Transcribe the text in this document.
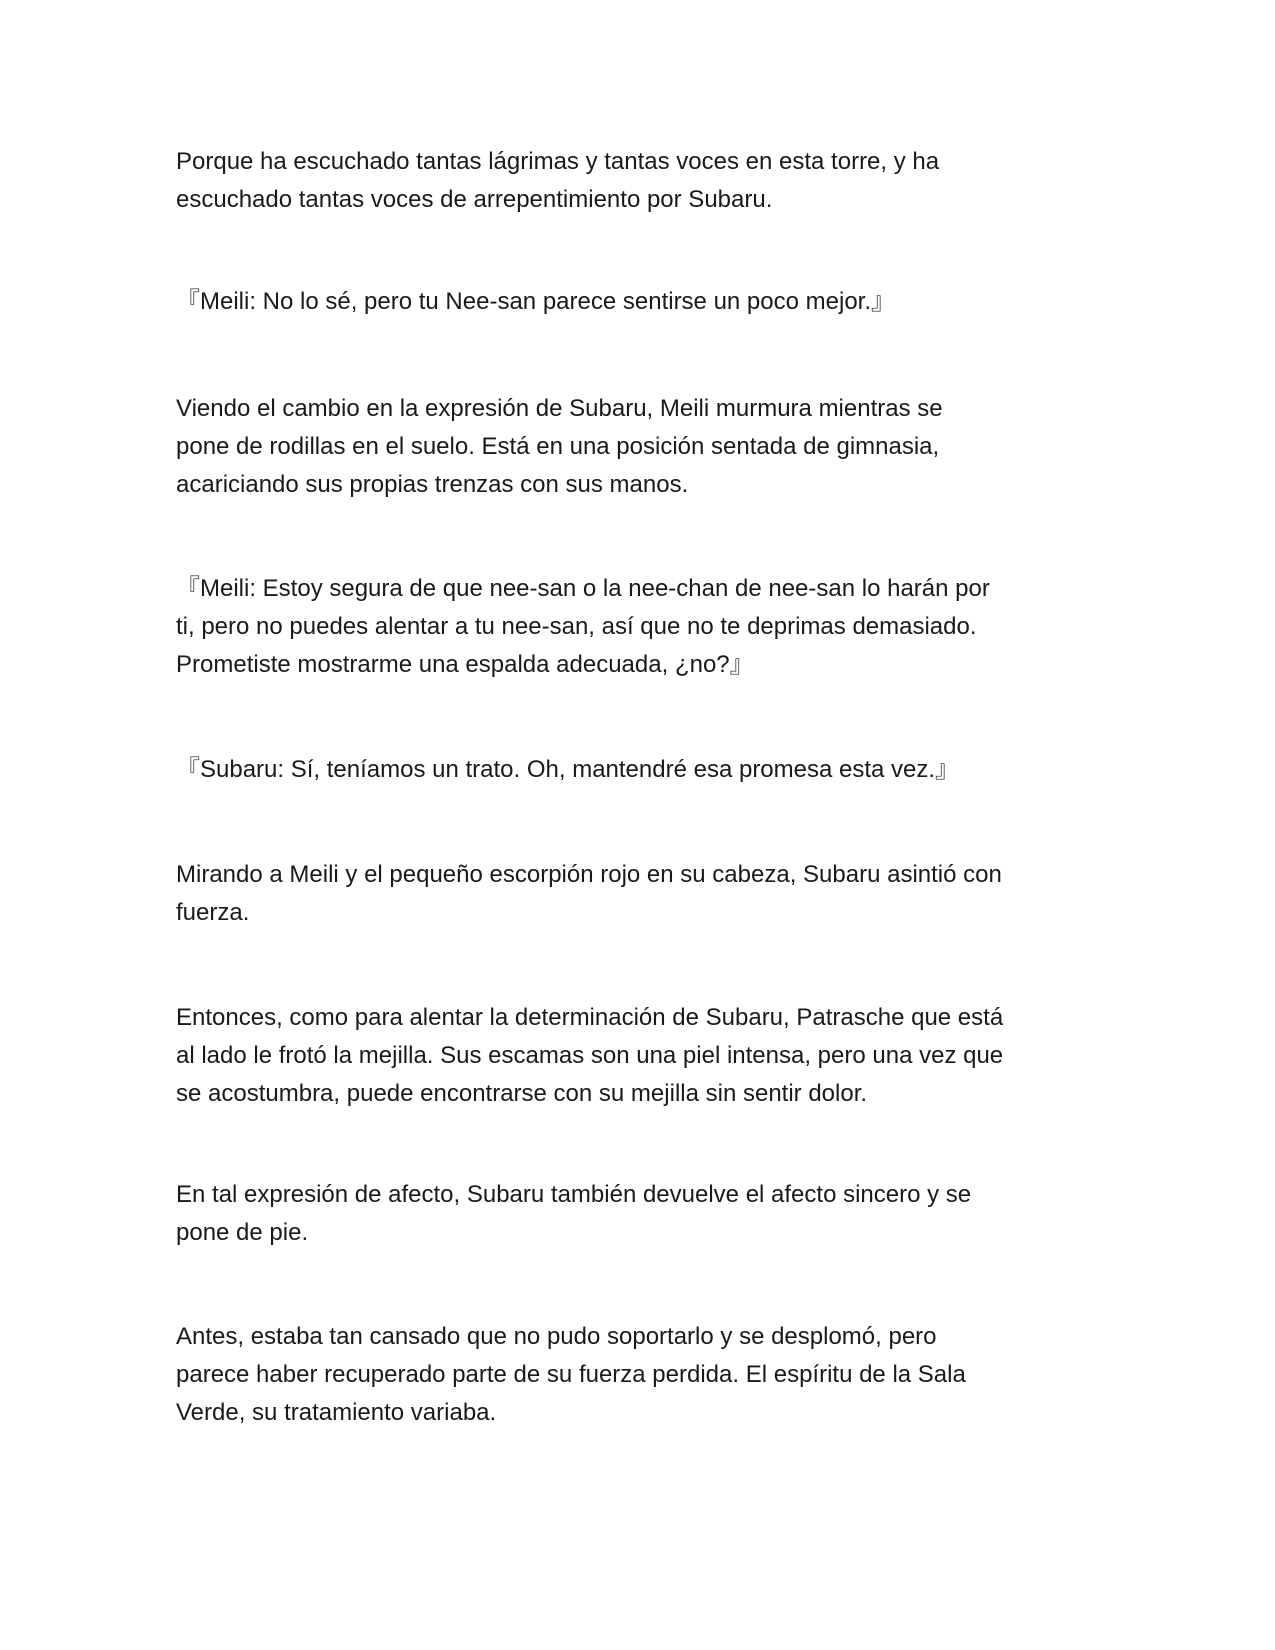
Porque ha escuchado tantas lágrimas y tantas voces en esta torre, y ha
escuchado tantas voces de arrepentimiento por Subaru.

『Meili: No lo sé, pero tu Nee-san parece sentirse un poco mejor.』

Viendo el cambio en la expresión de Subaru, Meili murmura mientras se
pone de rodillas en el suelo. Está en una posición sentada de gimnasia,
acariciando sus propias trenzas con sus manos.

『Meili: Estoy segura de que nee-san o la nee-chan de nee-san lo harán por
ti, pero no puedes alentar a tu nee-san, así que no te deprimas demasiado.
Prometiste mostrarme una espalda adecuada, ¿no?』

『Subaru: Sí, teníamos un trato. Oh, mantendré esa promesa esta vez.』

Mirando a Meili y el pequeño escorpión rojo en su cabeza, Subaru asintió con
fuerza.

Entonces, como para alentar la determinación de Subaru, Patrasche que está
al lado le frotó la mejilla. Sus escamas son una piel intensa, pero una vez que
se acostumbra, puede encontrarse con su mejilla sin sentir dolor.

En tal expresión de afecto, Subaru también devuelve el afecto sincero y se
pone de pie.

Antes, estaba tan cansado que no pudo soportarlo y se desplomó, pero
parece haber recuperado parte de su fuerza perdida. El espíritu de la Sala
Verde, su tratamiento variaba.
